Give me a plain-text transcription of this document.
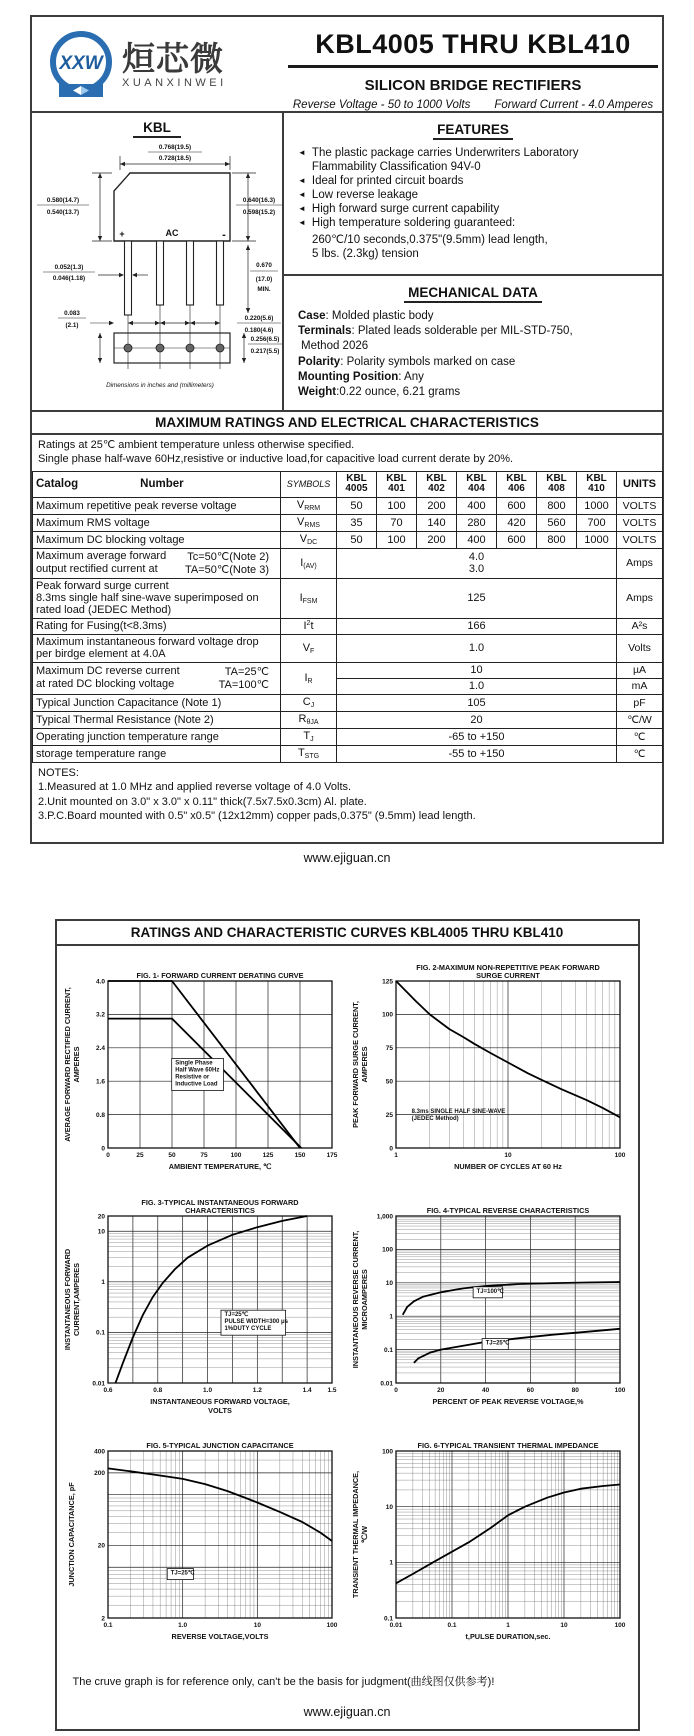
XXW 烜芯微
XUANXINWEI
KBL4005 THRU KBL410
SILICON BRIDGE RECTIFIERS
Reverse Voltage - 50 to 1000 Volts Forward Current - 4.0 Amperes
KBL
+	AC	-
0.768(19.5)
0.728(18.5)
0.580(14.7)
0.540(13.7)
0.640(16.3)
0.598(15.2)
0.052(1.3)
0.046(1.18)
0.670
(17.0)
MIN.
0.220(5.6)
0.180(4.6)
0.083
(2.1)
0.256(6.5)
0.217(5.5)
Dimensions in inches and (millimeters)
FEATURES
◄ The plastic package carries Underwriters Laboratory
Flammability Classification 94V-0
◄ Ideal for printed circuit boards
◄ Low reverse leakage
◄ High forward surge current capability
◄ High temperature soldering guaranteed:
260℃/10 seconds,0.375"(9.5mm) lead length,
5 lbs. (2.3kg) tension
MECHANICAL DATA
Case: Molded plastic body
Terminals: Plated leads solderable per MIL-STD-750,
Method 2026
Polarity: Polarity symbols marked on case
Mounting Position: Any
Weight:0.22 ounce, 6.21 grams
MAXIMUM RATINGS AND ELECTRICAL CHARACTERISTICS
Ratings at 25℃ ambient temperature unless otherwise specified.
Single phase half-wave 60Hz,resistive or inductive load,for capacitive load current derate by 20%.
Catalog	Number	SYMBOLS	
KBL
4005

KBL
401

KBL
402

KBL
404

KBL
406

KBL
408

KBL
410	UNITS

Maximum repetitive peak reverse voltage	$V_{RRM}$	50	100	200	400	600	800	1000	VOLTS

Maximum RMS voltage	$V_{RMS}$	35	70	140	280	420	560	700	VOLTS

Maximum DC blocking voltage	$V_{DC}$	50	100	200	400	600	800	1000	VOLTS

Maximum average forward Tc=50℃(Note 2)
output rectified current at TA=50℃(Note 3)
	$I_{(AV)}$	
4.0
3.0	Amps

Peak forward surge current
8.3ms single half sine-wave superimposed on
rated load (JEDEC Method)	$I_{FSM}$	125							Amps

Rating for Fusing(t<8.3ms)	$I^2t$	166							A²s

Maximum instantaneous forward voltage drop
per birdge element at 4.0A	$V_F$	1.0							Volts

Maximum DC reverse current TA=25℃
at rated DC blocking voltage TA=100℃	$I_R$	10							µA
		1.0							mA

Typical Junction Capacitance (Note 1)	$C_J$	105							pF

Typical Thermal Resistance (Note 2)	$R_{\theta JA}$	20							℃/W

Operating junction temperature range	$T_J$	-65 to +150							℃

storage temperature range	$T_{STG}$	-55 to +150							℃
NOTES:
1.Measured at 1.0 MHz and applied reverse voltage of 4.0 Volts.
2.Unit mounted on 3.0" x 3.0" x 0.11" thick(7.5x7.5x0.3cm) Al. plate.
3.P.C.Board mounted with 0.5" x0.5" (12x12mm) copper pads,0.375" (9.5mm) lead length.
www.ejiguan.cn
RATINGS AND CHARACTERISTIC CURVES KBL4005 THRU KBL410
0	25	50	75	100	125	150	175
0
0.8
1.6
2.4
3.2
4.0
FIG. 1- FORWARD CURRENT DERATING CURVE
AMBIENT TEMPERATURE, ℃
AVERAGE FORWARD RECTIFIED CURRENT, AMPERES	Single Phase
Half Wave 60Hz
Resistive or
Inductive Load
1	10	100
0
25
50
75
100
125
FIG. 2-MAXIMUM NON-REPETITIVE PEAK FORWARD
SURGE CURRENT
NUMBER OF CYCLES AT 60 Hz
PEAK FORWARD SURGE CURRENT, AMPERES
8.3ms SINGLE HALF SINE-WAVE
(JEDEC Method)
0.6	0.8	1.0	1.2	1.4 1.5
0.01
0.1
1
10
20
FIG. 3-TYPICAL INSTANTANEOUS FORWARD
CHARACTERISTICS
INSTANTANEOUS FORWARD VOLTAGE,
VOLTS
INSTANTANEOUS FORWARD CURRENT,AMPERES	TJ=25℃
PULSE WIDTH=300 μs
1%DUTY CYCLE
0	20	40	60	80	100
0.01
0.1
1
10
100
1,000
FIG. 4-TYPICAL REVERSE CHARACTERISTICS
PERCENT OF PEAK REVERSE VOLTAGE,%
INSTANTANEOUS REVERSE CURRENT, MICROAMPERES	TJ=100℃
TJ=25℃
0.1	1.0	10	100
2
20
200
400
FIG. 5-TYPICAL JUNCTION CAPACITANCE
REVERSE VOLTAGE,VOLTS
JUNCTION CAPACITANCE, pF	TJ=25℃
0.01	0.1	1	10	100
0.1
1
10
100
FIG. 6-TYPICAL TRANSIENT THERMAL IMPEDANCE
t,PULSE DURATION,sec.
TRANSIENT THERMAL IMPEDANCE, ℃/W
The cruve graph is for reference only, can't be the basis for judgment(曲线图仅供参考)!
www.ejiguan.cn
